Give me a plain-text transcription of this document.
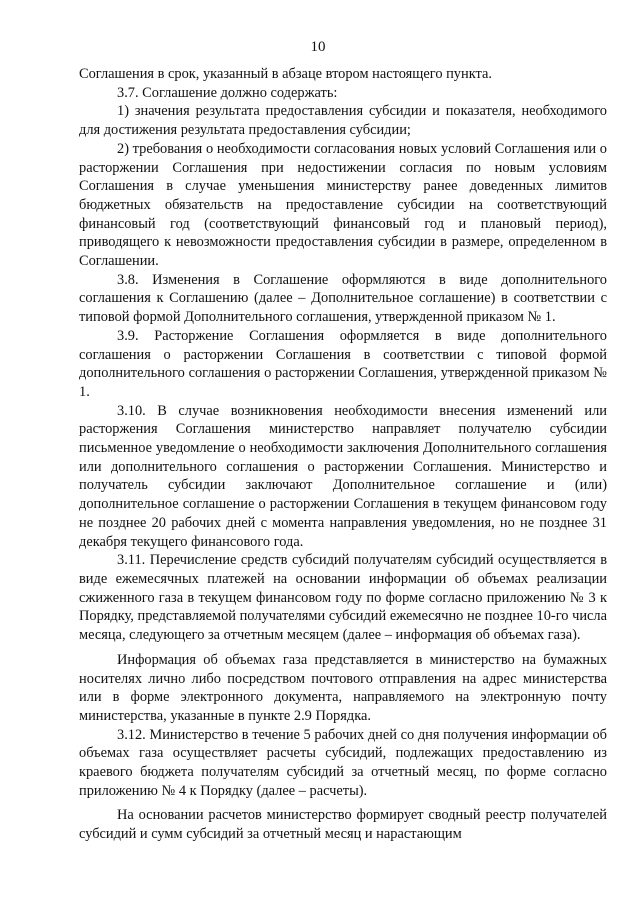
10

Соглашения в срок, указанный в абзаце втором настоящего пункта.

3.7. Соглашение должно содержать:

1) значения результата предоставления субсидии и показателя, необходимого для достижения результата предоставления субсидии;

2) требования о необходимости согласования новых условий Соглашения или о расторжении Соглашения при недостижении согласия по новым условиям Соглашения в случае уменьшения министерству ранее доведенных лимитов бюджетных обязательств на предоставление субсидии на соответствующий финансовый год (соответствующий финансовый год и плановый период), приводящего к невозможности предоставления субсидии в размере, определенном в Соглашении.

3.8. Изменения в Соглашение оформляются в виде дополнительного соглашения к Соглашению (далее – Дополнительное соглашение) в соответствии с типовой формой Дополнительного соглашения, утвержденной приказом № 1.

3.9. Расторжение Соглашения оформляется в виде дополнительного соглашения о расторжении Соглашения в соответствии с типовой формой дополнительного соглашения о расторжении Соглашения, утвержденной приказом № 1.

3.10. В случае возникновения необходимости внесения изменений или расторжения Соглашения министерство направляет получателю субсидии письменное уведомление о необходимости заключения Дополнительного соглашения или дополнительного соглашения о расторжении Соглашения. Министерство и получатель субсидии заключают Дополнительное соглашение и (или) дополнительное соглашение о расторжении Соглашения в текущем финансовом году не позднее 20 рабочих дней с момента направления уведомления, но не позднее 31 декабря текущего финансового года.

3.11. Перечисление средств субсидий получателям субсидий осуществляется в виде ежемесячных платежей на основании информации об объемах реализации сжиженного газа в текущем финансовом году по форме согласно приложению № 3 к Порядку, представляемой получателями субсидий ежемесячно не позднее 10-го числа месяца, следующего за отчетным месяцем (далее – информация об объемах газа).

Информация об объемах газа представляется в министерство на бумажных носителях лично либо посредством почтового отправления на адрес министерства или в форме электронного документа, направляемого на электронную почту министерства, указанные в пункте 2.9 Порядка.

3.12. Министерство в течение 5 рабочих дней со дня получения информации об объемах газа осуществляет расчеты субсидий, подлежащих предоставлению из краевого бюджета получателям субсидий за отчетный месяц, по форме согласно приложению № 4 к Порядку (далее – расчеты).

На основании расчетов министерство формирует сводный реестр получателей субсидий и сумм субсидий за отчетный месяц и нарастающим
